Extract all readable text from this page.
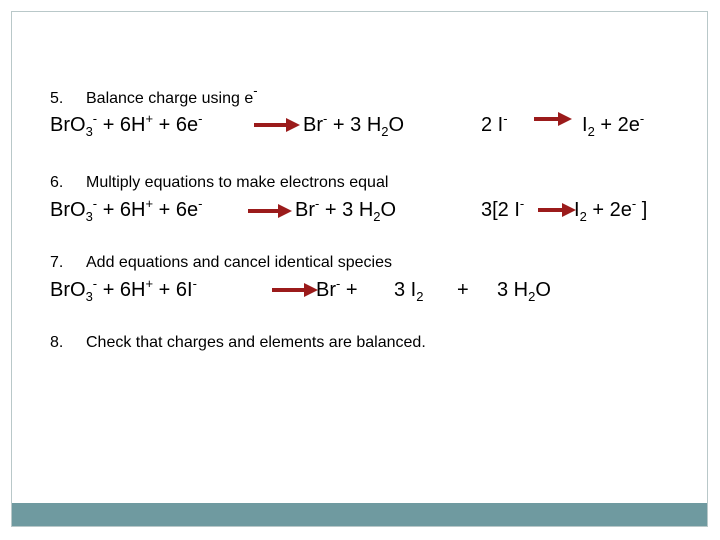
5. Balance charge using e-
BrO$_3$- + 6H+ + 6e-	→ Br- + 3 $H_2O$	2 $I^- \to I_2 + 2e^-$
6. Multiply equations to make electrons equal
BrO$_3$- + 6H+ + 6e-	→ Br- + 3 $H_2O$	3[2 I- →
$I_2 + 2e^-$ ]
7. Add equations and cancel identical species
BrO$_3$- + 6H+ + 6I-	Br- + 3 $I_2 + 3$ $H_2O$
8. Check that charges and elements are balanced.
